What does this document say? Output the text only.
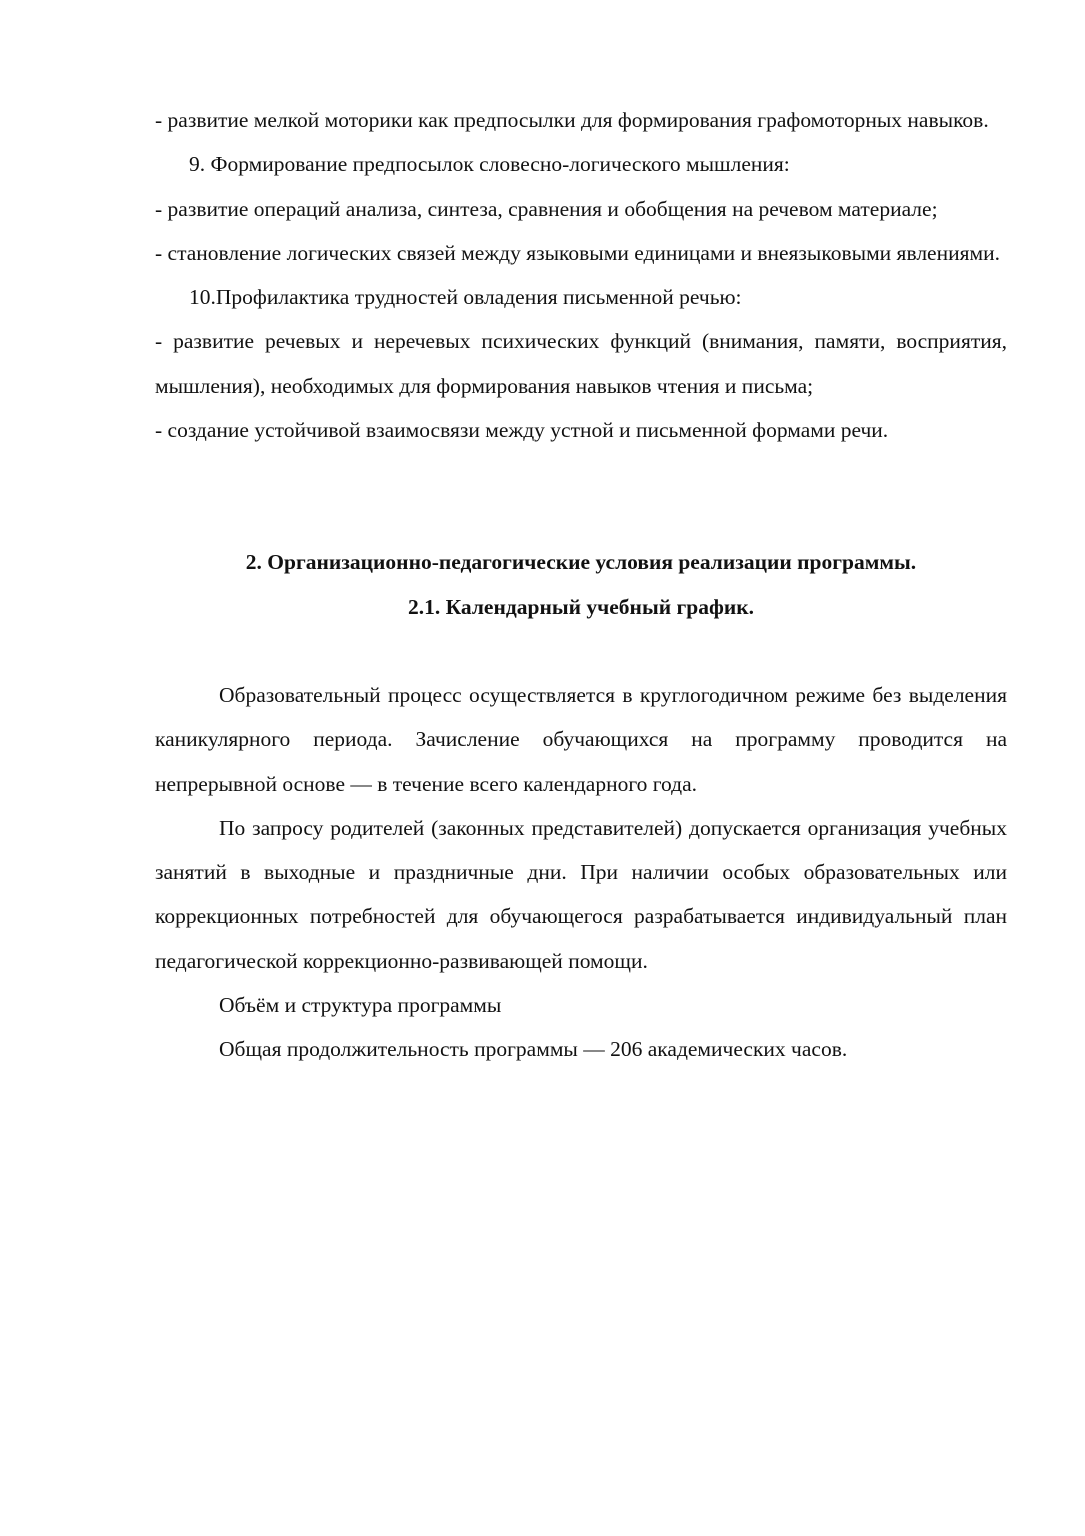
- развитие мелкой моторики как предпосылки для формирования графомоторных навыков.

9. Формирование предпосылок словесно-логического мышления:

- развитие операций анализа, синтеза, сравнения и обобщения на речевом материале;

- становление логических связей между языковыми единицами и внеязыковыми явлениями.

10.Профилактика трудностей овладения письменной речью:

- развитие речевых и неречевых психических функций (внимания, памяти, восприятия, мышления), необходимых для формирования навыков чтения и письма;

- создание устойчивой взаимосвязи между устной и письменной формами речи.

2. Организационно-педагогические условия реализации программы.

2.1. Календарный учебный график.

Образовательный процесс осуществляется в круглогодичном режиме без выделения каникулярного периода. Зачисление обучающихся на программу проводится на непрерывной основе — в течение всего календарного года.

По запросу родителей (законных представителей) допускается организация учебных занятий в выходные и праздничные дни. При наличии особых образовательных или коррекционных потребностей для обучающегося разрабатывается индивидуальный план педагогической коррекционно-развивающей помощи.

Объём и структура программы

Общая продолжительность программы — 206 академических часов.
